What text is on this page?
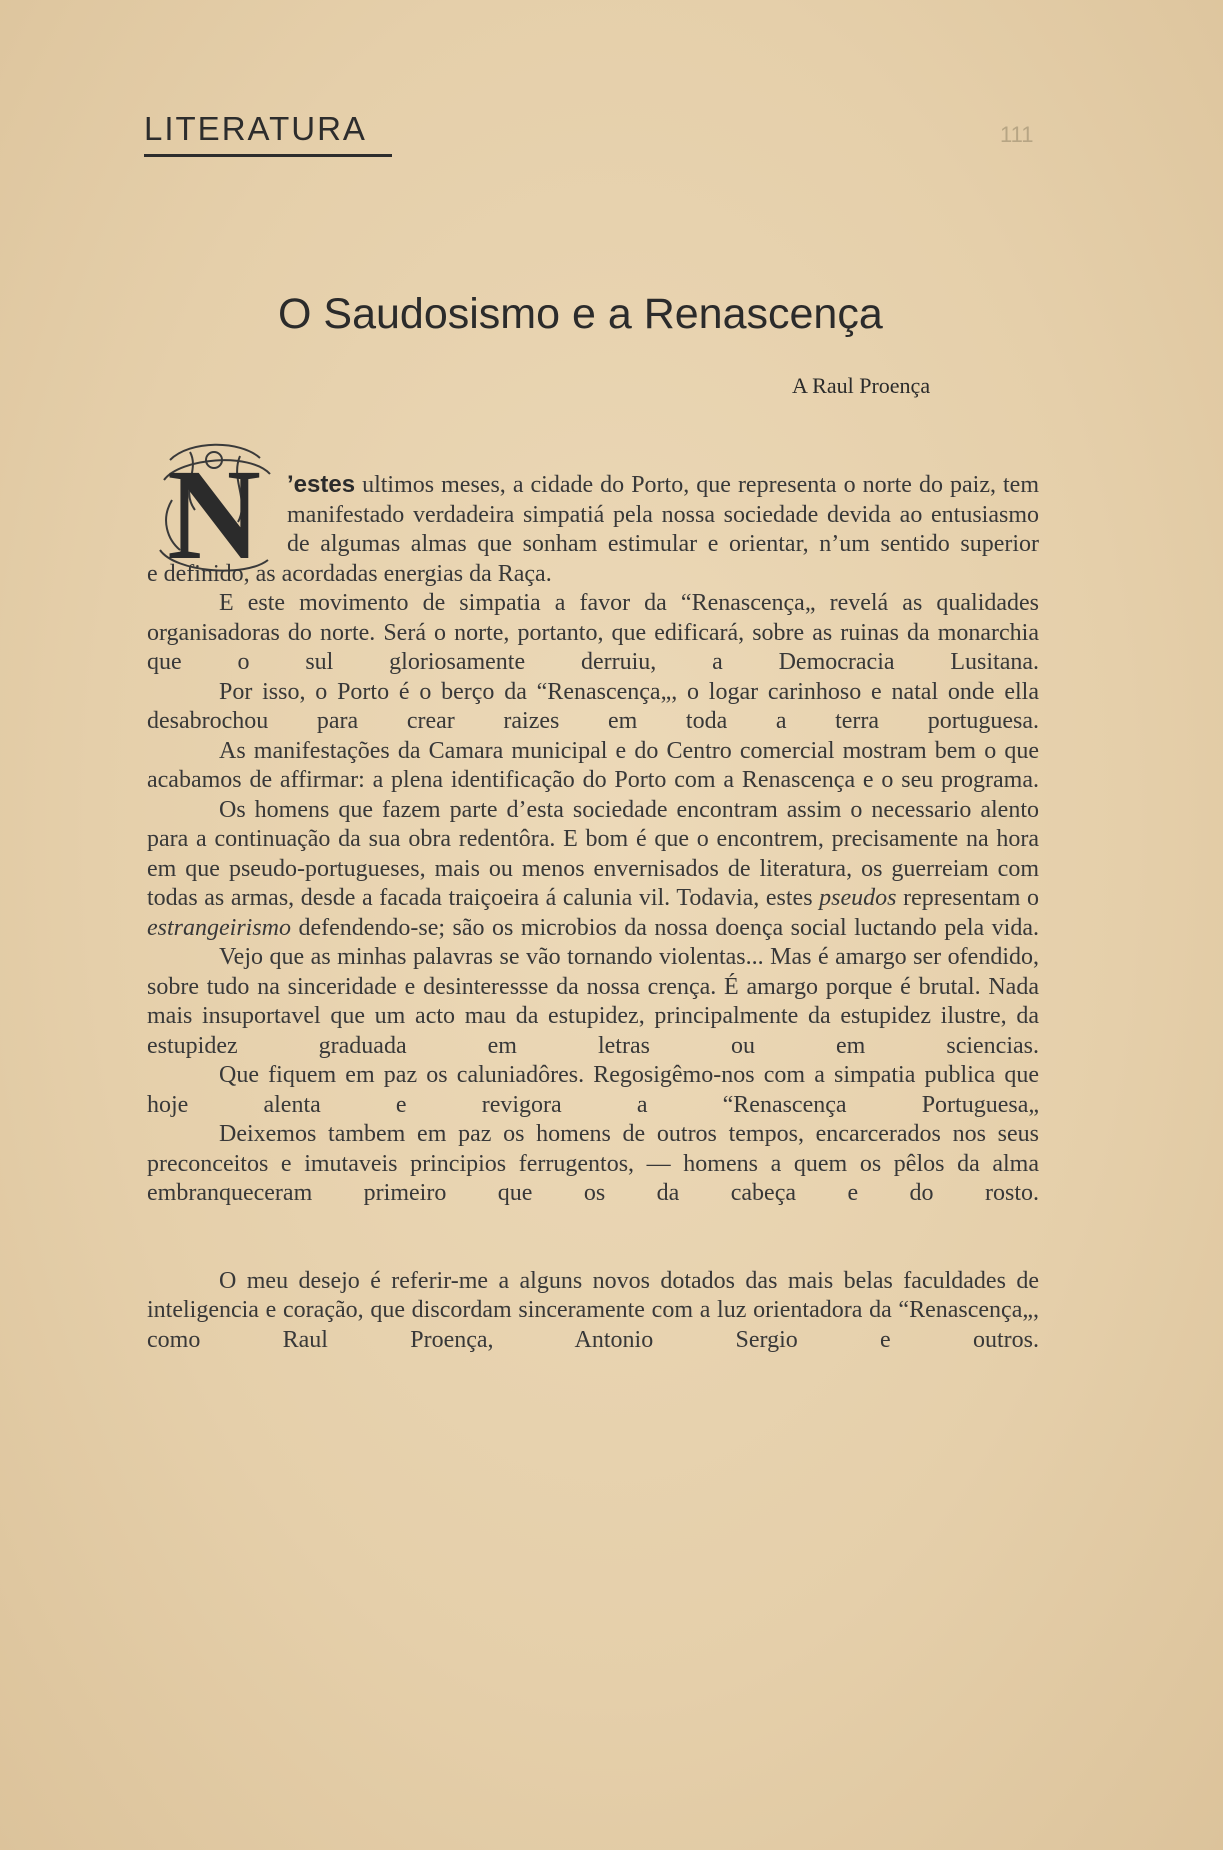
LITERATURA	111
O Saudosismo e a Renascença
A Raul Proença
N	’estes ultimos meses, a cidade do Porto, que representa o norte do paiz, tem manifestado verdadeira simpatiá pela nossa sociedade devida ao entusiasmo de algumas almas que sonham estimular e orientar, n’um sentido superior

e definido, as acordadas energias da Raça.

E este movimento de simpatia a favor da “Renascença„ revelá as qualidades organisadoras do norte. Será o norte, portanto, que edificará, sobre as ruinas da monarchia que o sul gloriosamente derruiu, a Democracia Lusitana.

Por isso, o Porto é o berço da “Renascença„, o logar carinhoso e natal onde ella desabrochou para crear raizes em toda a terra portuguesa.

As manifestações da Camara municipal e do Centro comercial mostram bem o que acabamos de affirmar: a plena identificação do Porto com a Renascença e o seu programa.

Os homens que fazem parte d’esta sociedade encontram assim o necessario alento para a continuação da sua obra redentôra. E bom é que o encontrem, precisamente na hora em que pseudo-portugueses, mais ou menos envernisados de literatura, os guerreiam com todas as armas, desde a facada traiçoeira á calunia vil. Todavia, estes pseudos representam o estrangeirismo defendendo-se; são os microbios da nossa doença social luctando pela vida.

Vejo que as minhas palavras se vão tornando violentas... Mas é amargo ser ofendido, sobre tudo na sinceridade e desinteressse da nossa crença. É amargo porque é brutal. Nada mais insuportavel que um acto mau da estupidez, principalmente da estupidez ilustre, da estupidez graduada em letras ou em sciencias.

Que fiquem em paz os caluniadôres. Regosigêmo-nos com a simpatia publica que hoje alenta e revigora a “Renascença Portuguesa„

Deixemos tambem em paz os homens de outros tempos, encarcerados nos seus preconceitos e imutaveis principios ferrugentos, — homens a quem os pêlos da alma embranqueceram primeiro que os da cabeça e do rosto.

O meu desejo é referir-me a alguns novos dotados das mais belas faculdades de inteligencia e coração, que discordam sinceramente com a luz orientadora da “Renascença„, como Raul Proença, Antonio Sergio e outros.
